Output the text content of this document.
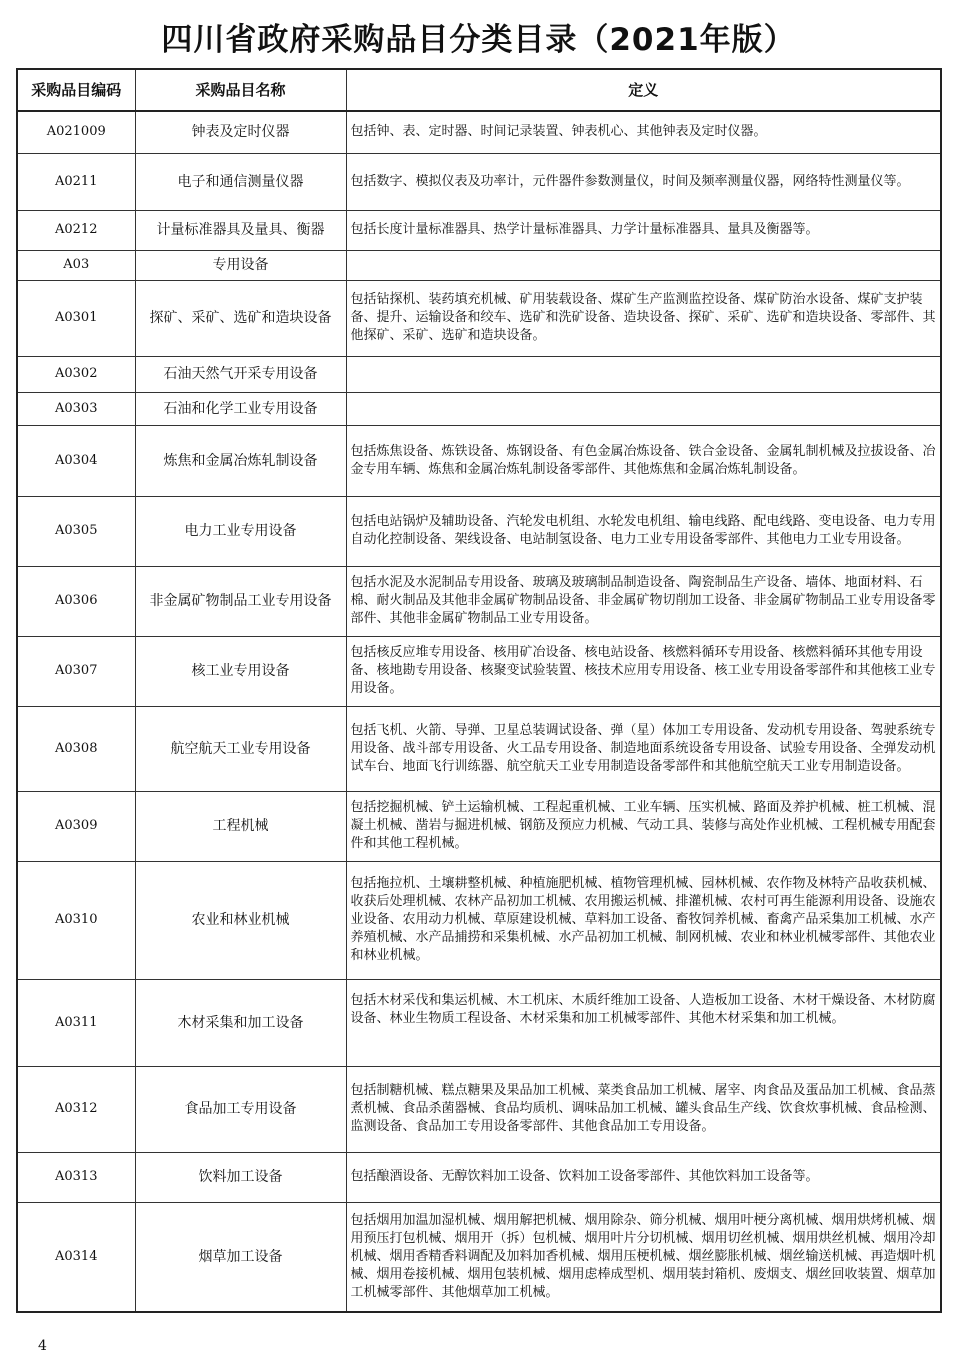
四川省政府采购品目分类目录（2021年版）
采购品目编码	采购品目名称	定义
A021009	钟表及定时仪器	包括钟、表、定时器、时间记录装置、钟表机心、其他钟表及定时仪器。
A0211	电子和通信测量仪器	包括数字、模拟仪表及功率计，元件器件参数测量仪，时间及频率测量仪器，网络特性测量仪等。
A0212	计量标准器具及量具、衡器	包括长度计量标准器具、热学计量标准器具、力学计量标准器具、量具及衡器等。
A03	专用设备	
A0301	探矿、采矿、选矿和造块设备	包括钻探机、装药填充机械、矿用装载设备、煤矿生产监测监控设备、煤矿防治水设备、煤矿支护装备、提升、运输设备和绞车、选矿和洗矿设备、造块设备、探矿、采矿、选矿和造块设备、零部件、其他探矿、采矿、选矿和造块设备。
A0302	石油天然气开采专用设备	
A0303	石油和化学工业专用设备	
A0304	炼焦和金属冶炼轧制设备	包括炼焦设备、炼铁设备、炼钢设备、有色金属冶炼设备、铁合金设备、金属轧制机械及拉拔设备、冶金专用车辆、炼焦和金属冶炼轧制设备零部件、其他炼焦和金属冶炼轧制设备。
A0305	电力工业专用设备	包括电站锅炉及辅助设备、汽轮发电机组、水轮发电机组、输电线路、配电线路、变电设备、电力专用自动化控制设备、架线设备、电站制氢设备、电力工业专用设备零部件、其他电力工业专用设备。
A0306	非金属矿物制品工业专用设备	包括水泥及水泥制品专用设备、玻璃及玻璃制品制造设备、陶瓷制品生产设备、墙体、地面材料、石棉、耐火制品及其他非金属矿物制品设备、非金属矿物切削加工设备、非金属矿物制品工业专用设备零部件、其他非金属矿物制品工业专用设备。
A0307	核工业专用设备	包括核反应堆专用设备、核用矿冶设备、核电站设备、核燃料循环专用设备、核燃料循环其他专用设备、核地勘专用设备、核聚变试验装置、核技术应用专用设备、核工业专用设备零部件和其他核工业专用设备。
A0308	航空航天工业专用设备	包括飞机、火箭、导弹、卫星总装调试设备、弹（星）体加工专用设备、发动机专用设备、驾驶系统专用设备、战斗部专用设备、火工品专用设备、制造地面系统设备专用设备、试验专用设备、全弹发动机试车台、地面飞行训练器、航空航天工业专用制造设备零部件和其他航空航天工业专用制造设备。
A0309	工程机械	包括挖掘机械、铲土运输机械、工程起重机械、工业车辆、压实机械、路面及养护机械、桩工机械、混凝土机械、凿岩与掘进机械、钢筋及预应力机械、气动工具、装修与高处作业机械、工程机械专用配套件和其他工程机械。
A0310	农业和林业机械	包括拖拉机、土壤耕整机械、种植施肥机械、植物管理机械、园林机械、农作物及林特产品收获机械、收获后处理机械、农林产品初加工机械、农用搬运机械、排灌机械、农村可再生能源利用设备、设施农业设备、农用动力机械、草原建设机械、草料加工设备、畜牧饲养机械、畜禽产品采集加工机械、水产养殖机械、水产品捕捞和采集机械、水产品初加工机械、制网机械、农业和林业机械零部件、其他农业和林业机械。
A0311	木材采集和加工设备	包括木材采伐和集运机械、木工机床、木质纤维加工设备、人造板加工设备、木材干燥设备、木材防腐设备、林业生物质工程设备、木材采集和加工机械零部件、其他木材采集和加工机械。
A0312	食品加工专用设备	包括制糖机械、糕点糖果及果品加工机械、菜类食品加工机械、屠宰、肉食品及蛋品加工机械、食品蒸煮机械、食品杀菌器械、食品均质机、调味品加工机械、罐头食品生产线、饮食炊事机械、食品检测、监测设备、食品加工专用设备零部件、其他食品加工专用设备。
A0313	饮料加工设备	包括酿酒设备、无醇饮料加工设备、饮料加工设备零部件、其他饮料加工设备等。
A0314	烟草加工设备	包括烟用加温加湿机械、烟用解把机械、烟用除杂、筛分机械、烟用叶梗分离机械、烟用烘烤机械、烟用预压打包机械、烟用开（拆）包机械、烟用叶片分切机械、烟用切丝机械、烟用烘丝机械、烟用冷却机械、烟用香精香料调配及加料加香机械、烟用压梗机械、烟丝膨胀机械、烟丝输送机械、再造烟叶机械、烟用卷接机械、烟用包装机械、烟用虑棒成型机、烟用装封箱机、废烟支、烟丝回收装置、烟草加工机械零部件、其他烟草加工机械。
4
